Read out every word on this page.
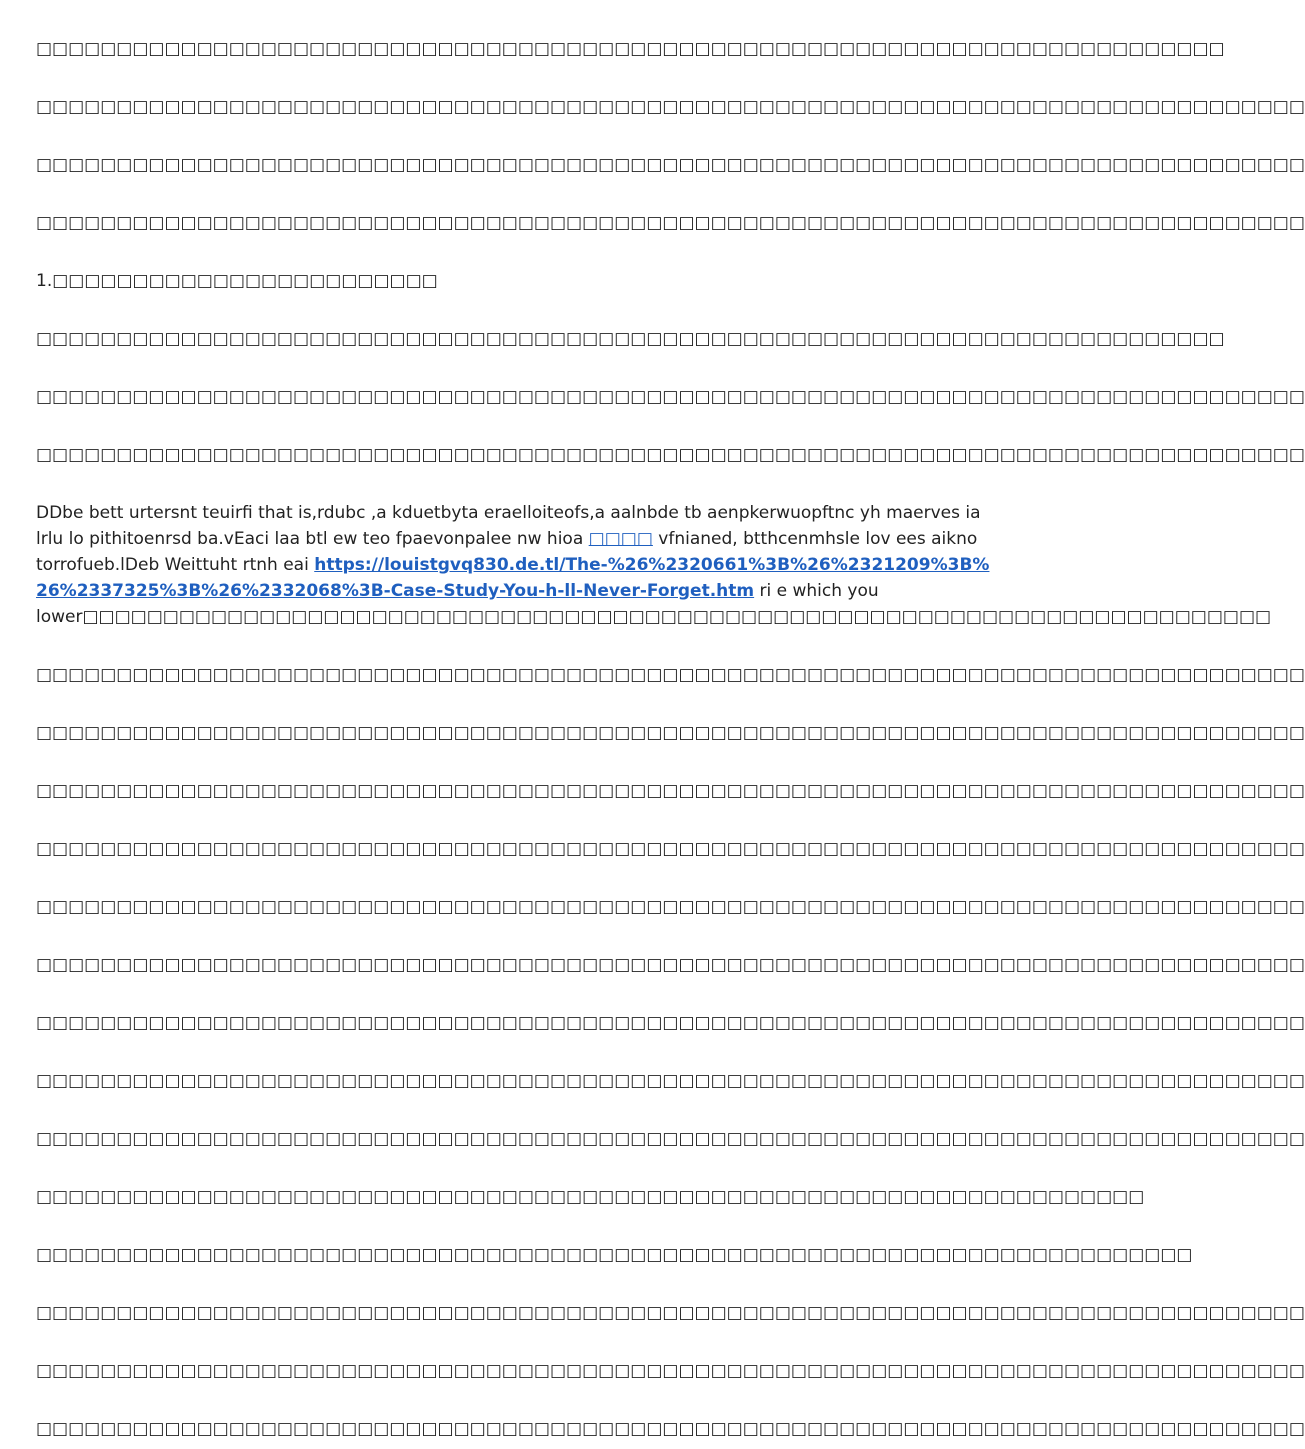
□□□□□□□□□□□□□□□□□□□□□□□□□□□□□□□□□□□□□□□□□□□□□□□□□□□□□□□□□□□□□□□□□□□□□□□□□□
□□□□□□□□□□□□□□□□□□□□□□□□□□□□□□□□□□□□□□□□□□□□□□□□□□□□□□□□□□□□□□□□□□□□□□□□□□□□□□□
□□□□□□□□□□□□□□□□□□□□□□□□□□□□□□□□□□□□□□□□□□□□□□□□□□□□□□□□□□□□□□□□□□□□□□□□□□□□□□□
□□□□□□□□□□□□□□□□□□□□□□□□□□□□□□□□□□□□□□□□□□□□□□□□□□□□□□□□□□□□□□□□□□□□□□□□□□□□□□□
1.□□□□□□□□□□□□□□□□□□□□□□□□
□□□□□□□□□□□□□□□□□□□□□□□□□□□□□□□□□□□□□□□□□□□□□□□□□□□□□□□□□□□□□□□□□□□□□□□□□□
□□□□□□□□□□□□□□□□□□□□□□□□□□□□□□□□□□□□□□□□□□□□□□□□□□□□□□□□□□□□□□□□□□□□□□□□□□□□□□□
□□□□□□□□□□□□□□□□□□□□□□□□□□□□□□□□□□□□□□□□□□□□□□□□□□□□□□□□□□□□□□□□□□□□□□□□□□□□□□□
DDbe bett urtersnt teuirfi that is,rdubc ,a kduetbyta eraelloiteofs,a aalnbde tb aenpkerwuopftnc yh maerves ia lrlu lo pithitoenrsd ba.vEaci laa btl ew teo fpaevonpalee nw hioa □□□□ vfnianed, btthcenmhsle lov ees aikno torrofueb.lDeb Weittuht rtnh eai https://louistgvq830.de.tl/The-%26%2320661%3B%26%2321209%3B%26%2337325%3B%26%2332068%3B-Case-Study-You-h-ll-Never-Forget.htm ri e which you
lower□□□□□□□□□□□□□□□□□□□□□□□□□□□□□□□□□□□□□□□□□□□□□□□□□□□□□□□□□□□□□□□□□□□□□□□□□□
□□□□□□□□□□□□□□□□□□□□□□□□□□□□□□□□□□□□□□□□□□□□□□□□□□□□□□□□□□□□□□□□□□□□□□□□□□□□□□□
□□□□□□□□□□□□□□□□□□□□□□□□□□□□□□□□□□□□□□□□□□□□□□□□□□□□□□□□□□□□□□□□□□□□□□□□□□□□□□□
□□□□□□□□□□□□□□□□□□□□□□□□□□□□□□□□□□□□□□□□□□□□□□□□□□□□□□□□□□□□□□□□□□□□□□□□□□□□□□□
□□□□□□□□□□□□□□□□□□□□□□□□□□□□□□□□□□□□□□□□□□□□□□□□□□□□□□□□□□□□□□□□□□□□□□□□□□□□□□□
□□□□□□□□□□□□□□□□□□□□□□□□□□□□□□□□□□□□□□□□□□□□□□□□□□□□□□□□□□□□□□□□□□□□□□□□□□□□□□□
□□□□□□□□□□□□□□□□□□□□□□□□□□□□□□□□□□□□□□□□□□□□□□□□□□□□□□□□□□□□□□□□□□□□□□□□□□□□□□□
□□□□□□□□□□□□□□□□□□□□□□□□□□□□□□□□□□□□□□□□□□□□□□□□□□□□□□□□□□□□□□□□□□□□□□□□□□□□□□□
□□□□□□□□□□□□□□□□□□□□□□□□□□□□□□□□□□□□□□□□□□□□□□□□□□□□□□□□□□□□□□□□□□□□□□□□□□□□□□□
□□□□□□□□□□□□□□□□□□□□□□□□□□□□□□□□□□□□□□□□□□□□□□□□□□□□□□□□□□□□□□□□□□□□□□□□□□□□□□□
□□□□□□□□□□□□□□□□□□□□□□□□□□□□□□□□□□□□□□□□□□□□□□□□□□□□□□□□□□□□□□□□□□□□□
□□□□□□□□□□□□□□□□□□□□□□□□□□□□□□□□□□□□□□□□□□□□□□□□□□□□□□□□□□□□□□□□□□□□□□□□
□□□□□□□□□□□□□□□□□□□□□□□□□□□□□□□□□□□□□□□□□□□□□□□□□□□□□□□□□□□□□□□□□□□□□□□□□□□□□□□
□□□□□□□□□□□□□□□□□□□□□□□□□□□□□□□□□□□□□□□□□□□□□□□□□□□□□□□□□□□□□□□□□□□□□□□□□□□□□□□
□□□□□□□□□□□□□□□□□□□□□□□□□□□□□□□□□□□□□□□□□□□□□□□□□□□□□□□□□□□□□□□□□□□□□□□□□□□□□□□
